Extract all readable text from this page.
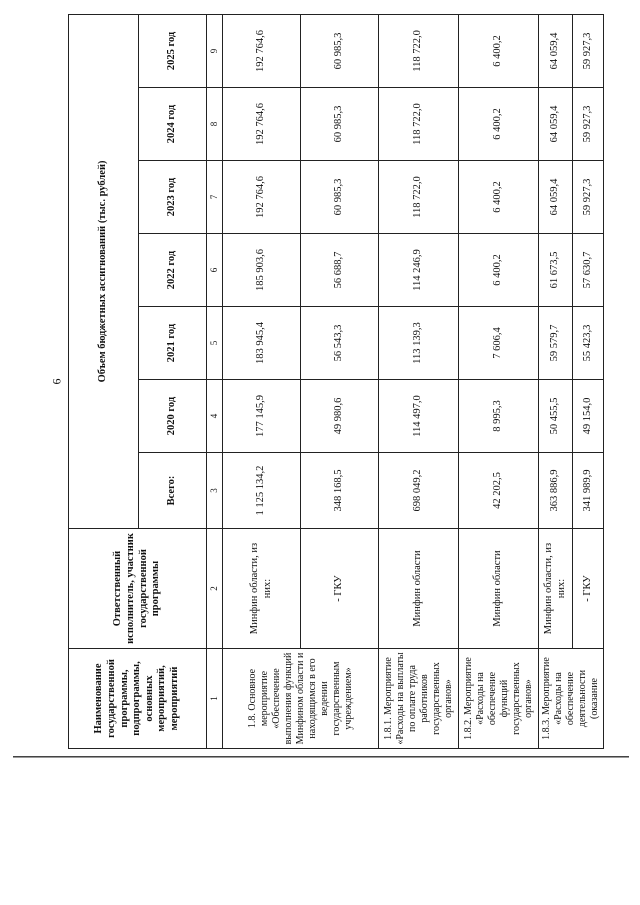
6
Наименование государственной программы, подпрограммы, основных мероприятий, мероприятий	Ответственный исполнитель, участник государственной программы	Объем бюджетных ассигнований (тыс. рублей)						
		Всего:	2020 год	2021 год	2022 год	2023 год	2024 год	2025 год
1	2	3	4	5	6	7	8	9
1.8. Основное мероприятие «Обеспечение выполнения функций Минфином области и находящимся в его ведении государственным учреждением»	Минфин области, из них:	1 125 134,2	177 145,9	183 945,4	185 903,6	192 764,6	192 764,6	192 764,6
	- ГКУ	348 168,5	49 980,6	56 543,3	56 688,7	60 985,3	60 985,3	60 985,3
1.8.1. Мероприятие «Расходы на выплаты по оплате труда работников государственных органов»	Минфин области	698 049,2	114 497,0	113 139,3	114 246,9	118 722,0	118 722,0	118 722,0
1.8.2. Мероприятие «Расходы на обеспечение функций государственных органов»	Минфин области	42 202,5	8 995,3	7 606,4	6 400,2	6 400,2	6 400,2	6 400,2
1.8.3. Мероприятие «Расходы на обеспечение деятельности (оказание	Минфин области, из них:	363 886,9	50 455,5	59 579,7	61 673,5	64 059,4	64 059,4	64 059,4
	- ГКУ	341 989,9	49 154,0	55 423,3	57 630,7	59 927,3	59 927,3	59 927,3
